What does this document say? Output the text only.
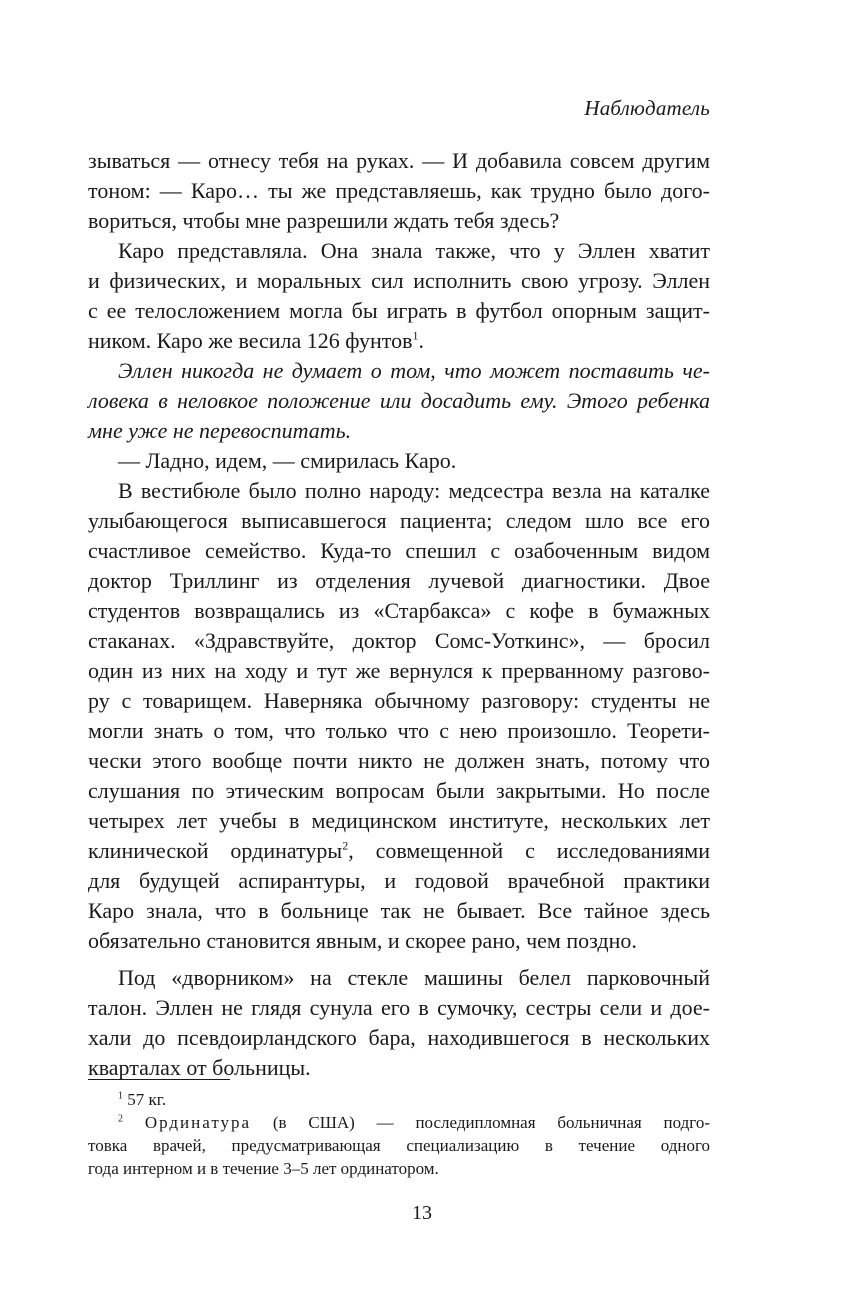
Наблюдатель
зываться — отнесу тебя на руках. — И добавила совсем другим
тоном: — Каро… ты же представляешь, как трудно было дого-
вориться, чтобы мне разрешили ждать тебя здесь?
Каро представляла. Она знала также, что у Эллен хватит
и физических, и моральных сил исполнить свою угрозу. Эллен
с ее телосложением могла бы играть в футбол опорным защит-
ником. Каро же весила 126 фунтов$^1$.
Эллен никогда не думает о том, что может поставить че-
ловека в неловкое положение или досадить ему. Этого ребенка
мне уже не перевоспитать.
— Ладно, идем, — смирилась Каро.
В вестибюле было полно народу: медсестра везла на каталке
улыбающегося выписавшегося пациента; следом шло все его
счастливое семейство. Куда-то спешил с озабоченным видом
доктор Триллинг из отделения лучевой диагностики. Двое
студентов возвращались из «Старбакса» с кофе в бумажных
стаканах. «Здравствуйте, доктор Сомс-Уоткинс», — бросил
один из них на ходу и тут же вернулся к прерванному разгово-
ру с товарищем. Наверняка обычному разговору: студенты не
могли знать о том, что только что с нею произошло. Теорети-
чески этого вообще почти никто не должен знать, потому что
слушания по этическим вопросам были закрытыми. Но после
четырех лет учебы в медицинском институте, нескольких лет
клинической ординатуры$^2$, совмещенной с исследованиями
для будущей аспирантуры, и годовой врачебной практики
Каро знала, что в больнице так не бывает. Все тайное здесь
обязательно становится явным, и скорее рано, чем поздно.
Под «дворником» на стекле машины белел парковочный
талон. Эллен не глядя сунула его в сумочку, сестры сели и дое-
хали до псевдоирландского бара, находившегося в нескольких
кварталах от больницы.
$^1$ 57 кг.
$^2$ Ординатура (в США) — последипломная больничная подго-
товка врачей, предусматривающая специализацию в течение одного
года интерном и в течение 3–5 лет ординатором.
13
